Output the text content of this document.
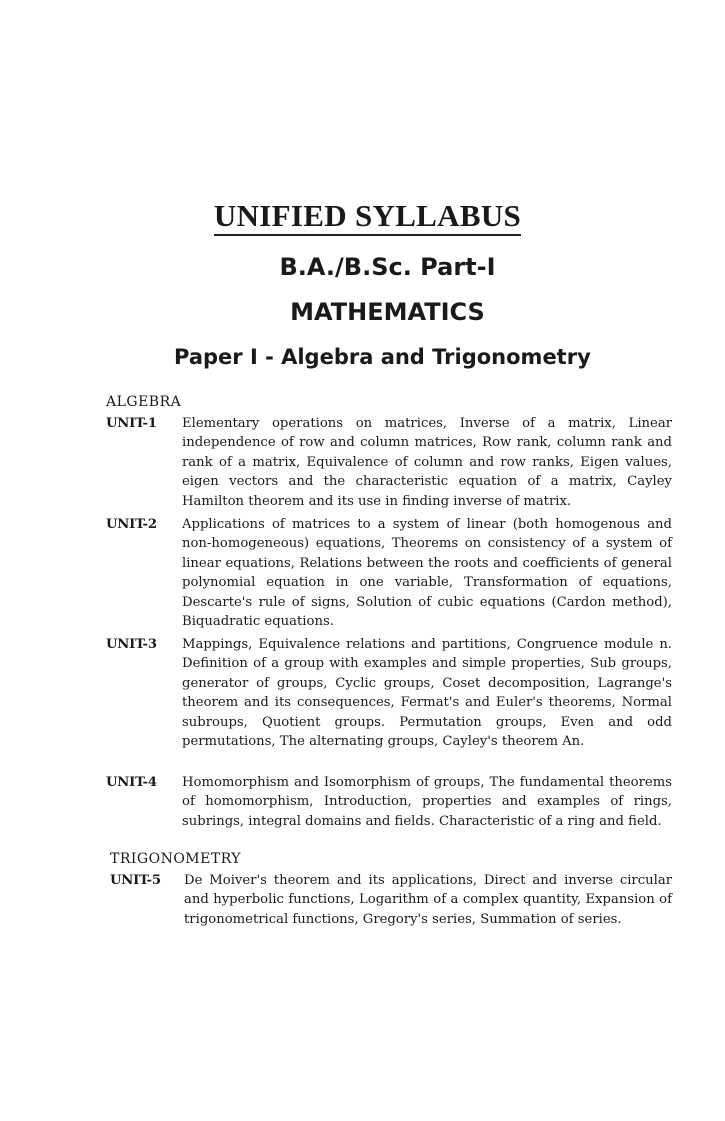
UNIFIED SYLLABUS
B.A./B.Sc. Part-I
MATHEMATICS
Paper I - Algebra and Trigonometry
ALGEBRA
UNIT-1	Elementary operations on matrices, Inverse of a matrix, Linear independence of row and column matrices, Row rank, column rank and rank of a matrix, Equivalence of column and row ranks, Eigen values, eigen vectors and the characteristic equation of a matrix, Cayley Hamilton theorem and its use in finding inverse of matrix.
UNIT-2	Applications of matrices to a system of linear (both homogenous and non-homogeneous) equations, Theorems on consistency of a system of linear equations, Relations between the roots and coefficients of general polynomial equation in one variable, Transformation of equations, Descarte's rule of signs, Solution of cubic equations (Cardon method), Biquadratic equations.
UNIT-3	Mappings, Equivalence relations and partitions, Congruence module n. Definition of a group with examples and simple properties, Sub groups, generator of groups, Cyclic groups, Coset decomposition, Lagrange's theorem and its consequences, Fermat's and Euler's theorems, Normal subroups, Quotient groups. Permutation groups, Even and odd permutations, The alternating groups, Cayley's theorem An.
UNIT-4	Homomorphism and Isomorphism of groups, The fundamental theorems of homomorphism, Introduction, properties and examples of rings, subrings, integral domains and fields. Characteristic of a ring and field.
TRIGONOMETRY
UNIT-5	De Moiver's theorem and its applications, Direct and inverse circular and hyperbolic functions, Logarithm of a complex quantity, Expansion of trigonometrical functions, Gregory's series, Summation of series.
